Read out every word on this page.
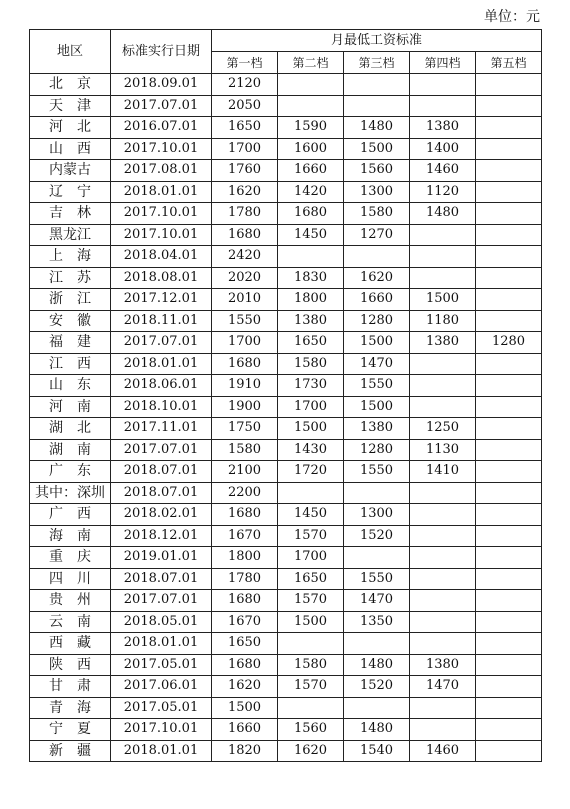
单位：元
地区	标准实行日期	月最低工资标准				
		第一档	第二档	第三档	第四档	第五档
北　京	2018.09.01	2120				
天　津	2017.07.01	2050				
河　北	2016.07.01	1650	1590	1480	1380	
山　西	2017.10.01	1700	1600	1500	1400	
内蒙古	2017.08.01	1760	1660	1560	1460	
辽　宁	2018.01.01	1620	1420	1300	1120	
吉　林	2017.10.01	1780	1680	1580	1480	
黑龙江	2017.10.01	1680	1450	1270		
上　海	2018.04.01	2420				
江　苏	2018.08.01	2020	1830	1620		
浙　江	2017.12.01	2010	1800	1660	1500	
安　徽	2018.11.01	1550	1380	1280	1180	
福　建	2017.07.01	1700	1650	1500	1380	1280
江　西	2018.01.01	1680	1580	1470		
山　东	2018.06.01	1910	1730	1550		
河　南	2018.10.01	1900	1700	1500		
湖　北	2017.11.01	1750	1500	1380	1250	
湖　南	2017.07.01	1580	1430	1280	1130	
广　东	2018.07.01	2100	1720	1550	1410	
其中：深圳	2018.07.01	2200				
广　西	2018.02.01	1680	1450	1300		
海　南	2018.12.01	1670	1570	1520		
重　庆	2019.01.01	1800	1700			
四　川	2018.07.01	1780	1650	1550		
贵　州	2017.07.01	1680	1570	1470		
云　南	2018.05.01	1670	1500	1350		
西　藏	2018.01.01	1650				
陕　西	2017.05.01	1680	1580	1480	1380	
甘　肃	2017.06.01	1620	1570	1520	1470	
青　海	2017.05.01	1500				
宁　夏	2017.10.01	1660	1560	1480		
新　疆	2018.01.01	1820	1620	1540	1460	
